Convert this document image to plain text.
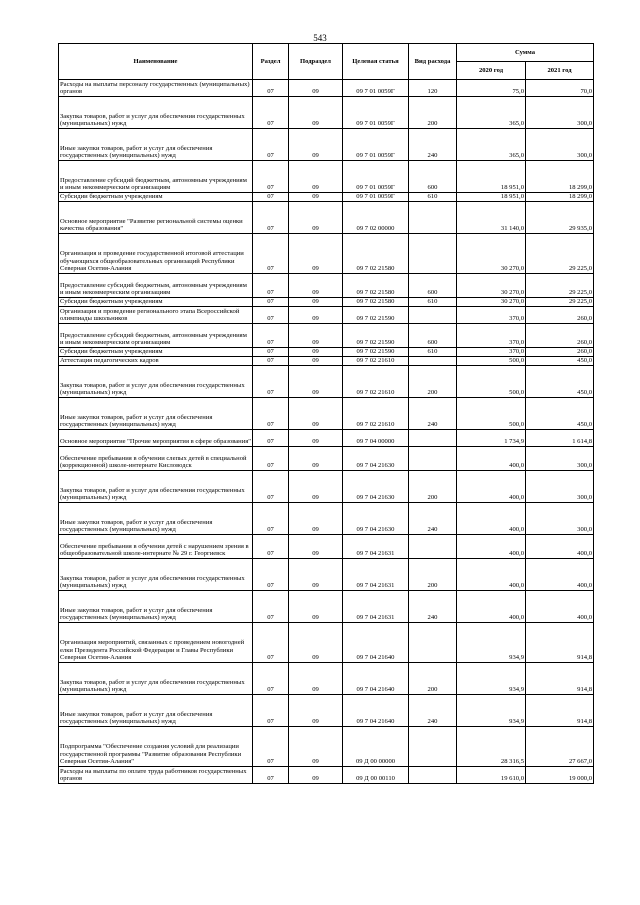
543
Наименование	Раздел	Подраздел	Целевая статья	Вид расхода	Сумма	
					2020 год	2021 год
Расходы на выплаты персоналу государственных (муниципальных) органов	07	09	09 7 01 0059Г	120	75,0	70,0
Закупка товаров, работ и услуг для обеспечения государственных (муниципальных) нужд	07	09	09 7 01 0059Г	200	365,0	300,0
Иные закупки товаров, работ и услуг для обеспечения государственных (муниципальных) нужд	07	09	09 7 01 0059Г	240	365,0	300,0
Предоставление субсидий бюджетным, автономным учреждениям и иным некоммерческим организациям	07	09	09 7 01 0059Г	600	18 951,0	18 299,0
Субсидии бюджетным учреждениям	07	09	09 7 01 0059Г	610	18 951,0	18 299,0
Основное мероприятие "Развитие региональной системы оценки качества образования"	07	09	09 7 02 00000		31 140,0	29 935,0
Организация и проведение государственной итоговой аттестации обучающихся общеобразовательных организаций Республики Северная Осетия-Алания	07	09	09 7 02 21580		30 270,0	29 225,0
Предоставление субсидий бюджетным, автономным учреждениям и иным некоммерческим организациям	07	09	09 7 02 21580	600	30 270,0	29 225,0
Субсидии бюджетным учреждениям	07	09	09 7 02 21580	610	30 270,0	29 225,0
Организация и проведение регионального этапа Всероссийской олимпиады школьников	07	09	09 7 02 21590		370,0	260,0
Предоставление субсидий бюджетным, автономным учреждениям и иным некоммерческим организациям	07	09	09 7 02 21590	600	370,0	260,0
Субсидии бюджетным учреждениям	07	09	09 7 02 21590	610	370,0	260,0
Аттестация педагогических кадров	07	09	09 7 02 21610		500,0	450,0
Закупка товаров, работ и услуг для обеспечения государственных (муниципальных) нужд	07	09	09 7 02 21610	200	500,0	450,0
Иные закупки товаров, работ и услуг для обеспечения государственных (муниципальных) нужд	07	09	09 7 02 21610	240	500,0	450,0
Основное мероприятие "Прочие мероприятия в сфере образования"	07	09	09 7 04 00000		1 734,9	1 614,8
Обеспечение пребывания в обучении слепых детей в специальной (коррекционной) школе-интернате Кисловодск	07	09	09 7 04 21630		400,0	300,0
Закупка товаров, работ и услуг для обеспечения государственных (муниципальных) нужд	07	09	09 7 04 21630	200	400,0	300,0
Иные закупки товаров, работ и услуг для обеспечения государственных (муниципальных) нужд	07	09	09 7 04 21630	240	400,0	300,0
Обеспечение пребывания в обучении детей с нарушением зрения в общеобразовательной школе-интернате № 29 г. Георгиевск	07	09	09 7 04 21631		400,0	400,0
Закупка товаров, работ и услуг для обеспечения государственных (муниципальных) нужд	07	09	09 7 04 21631	200	400,0	400,0
Иные закупки товаров, работ и услуг для обеспечения государственных (муниципальных) нужд	07	09	09 7 04 21631	240	400,0	400,0
Организация мероприятий, связанных с проведением новогодней елки Президента Российской Федерации и Главы Республики Северная Осетия-Алания	07	09	09 7 04 21640		934,9	914,8
Закупка товаров, работ и услуг для обеспечения государственных (муниципальных) нужд	07	09	09 7 04 21640	200	934,9	914,8
Иные закупки товаров, работ и услуг для обеспечения государственных (муниципальных) нужд	07	09	09 7 04 21640	240	934,9	914,8
Подпрограмма "Обеспечение создания условий для реализации государственной программы "Развитие образования Республики Северная Осетия-Алания"	07	09	09 Д 00 00000		28 316,5	27 667,0
Расходы на выплаты по оплате труда работников государственных органов	07	09	09 Д 00 00110		19 610,0	19 000,0
